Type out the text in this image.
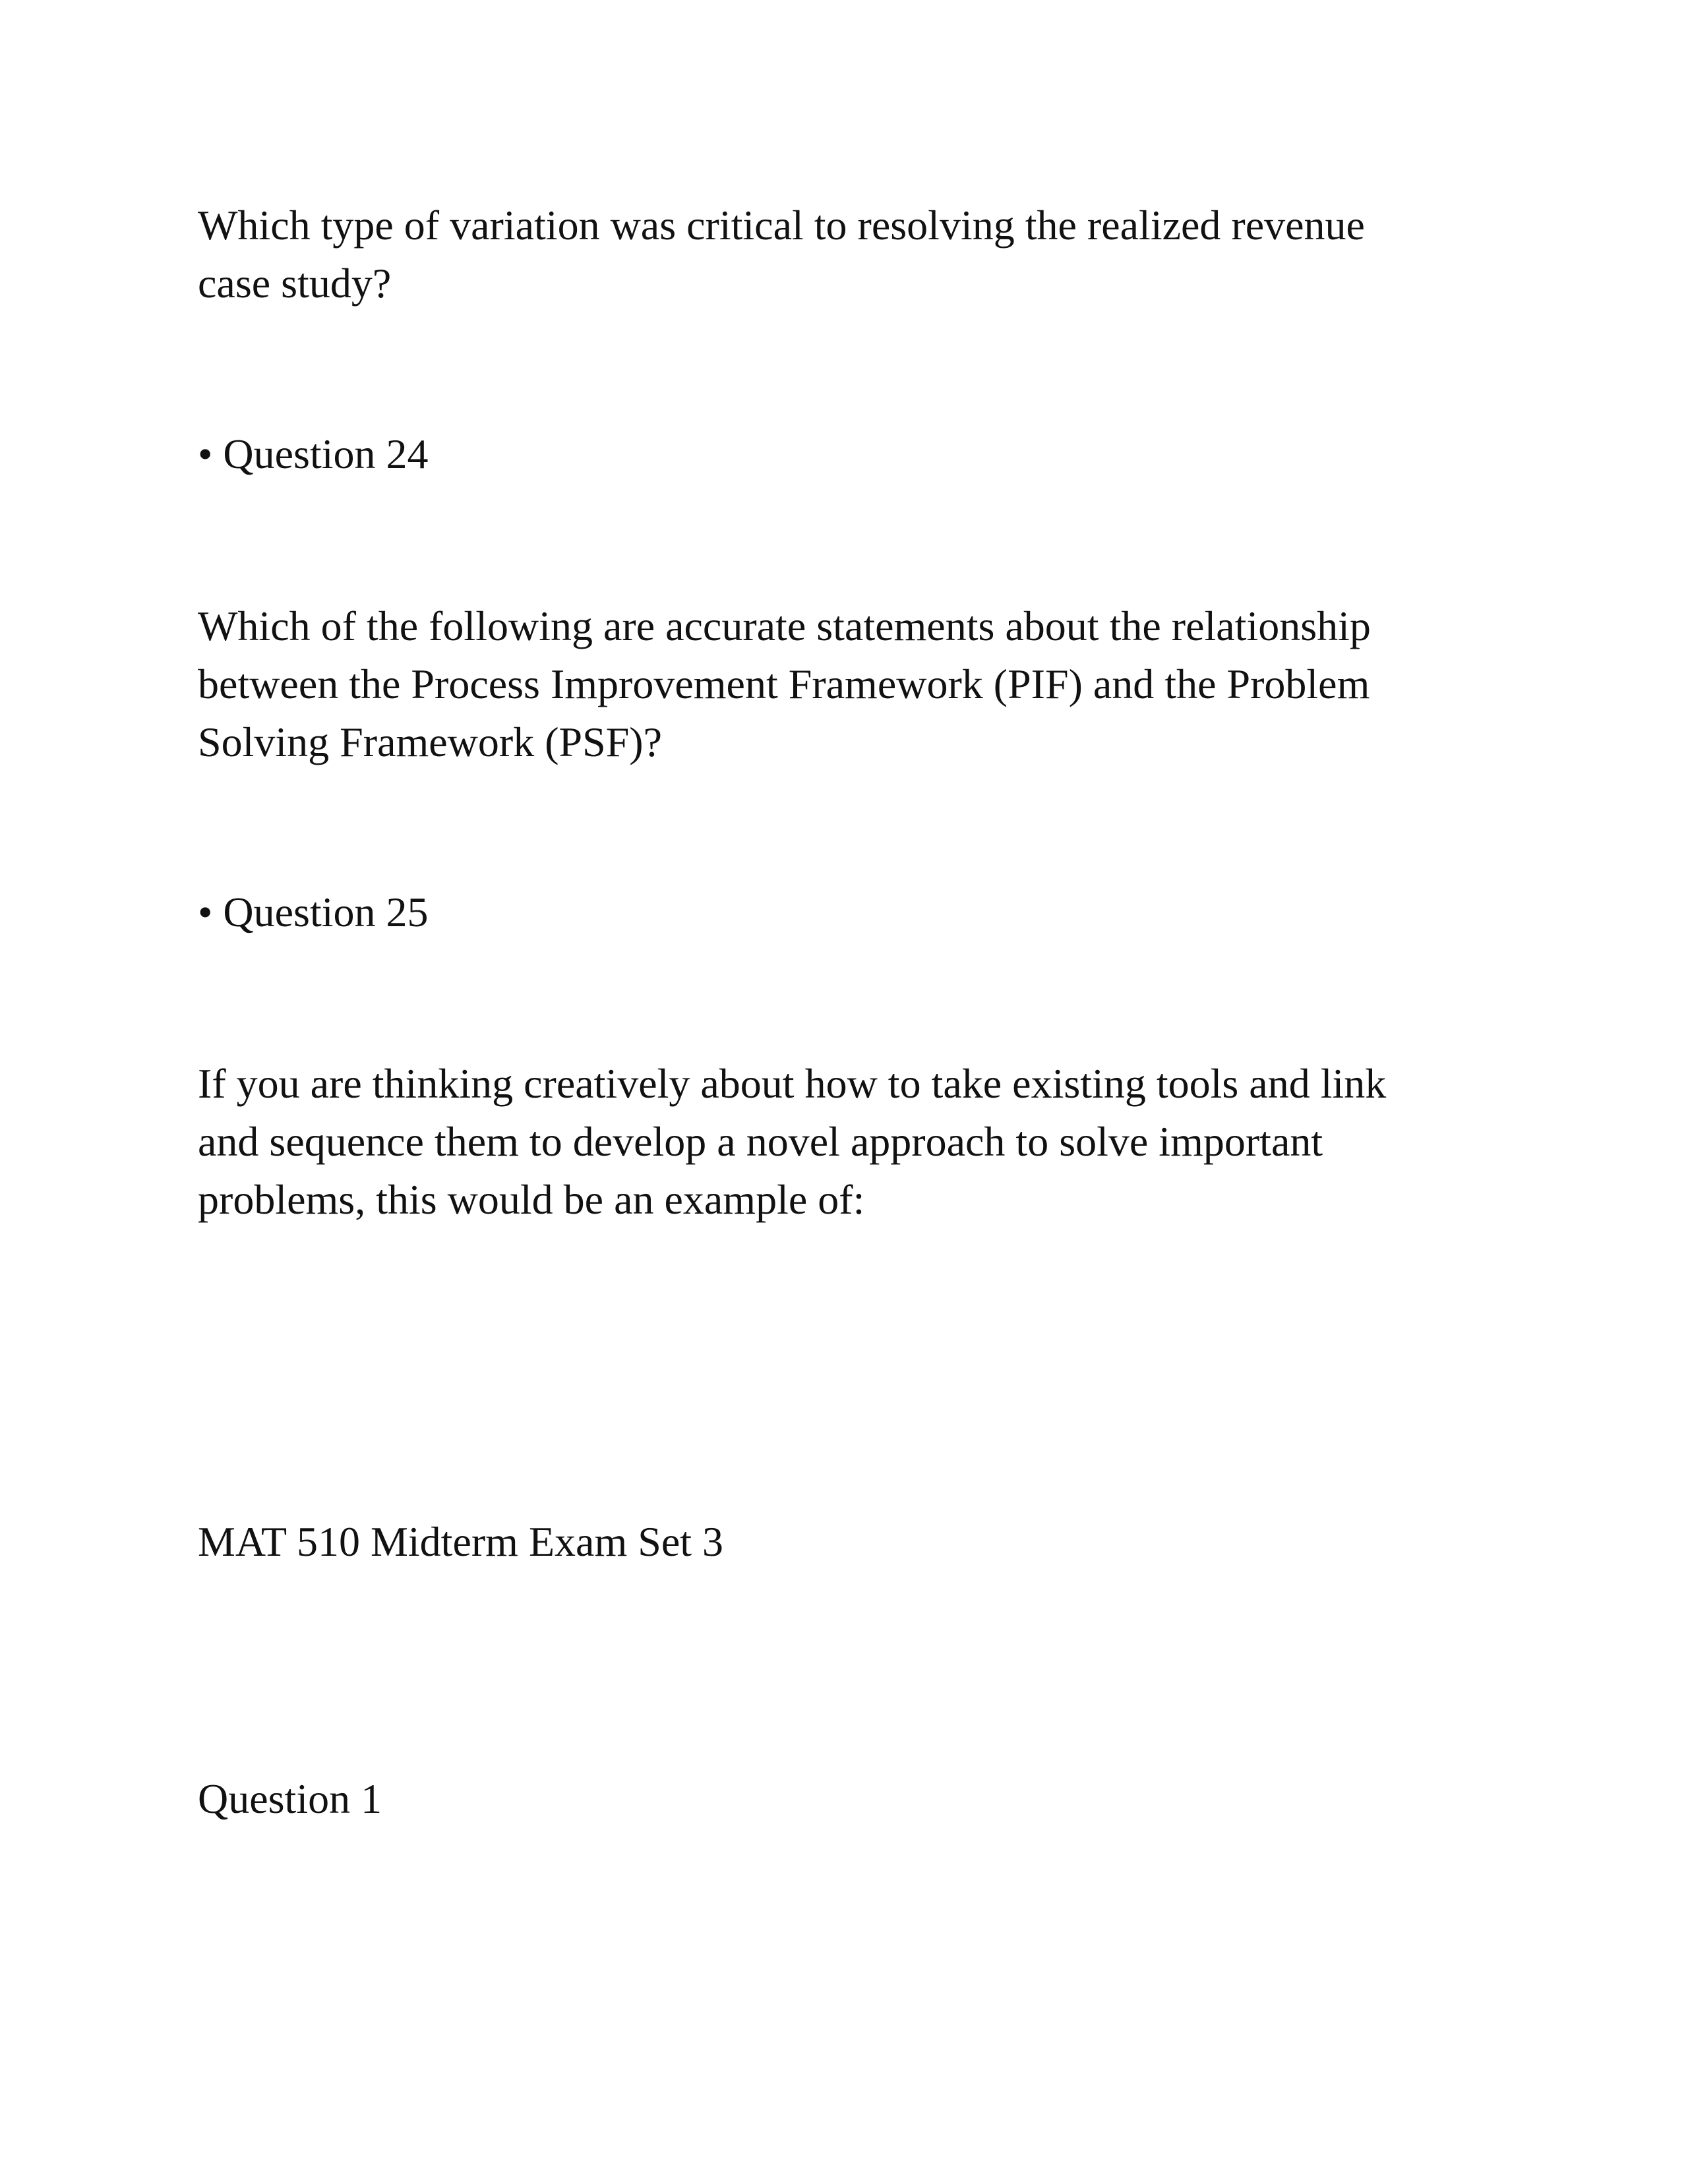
Which type of variation was critical to resolving the realized revenue
case study?

• Question 24

Which of the following are accurate statements about the relationship
between the Process Improvement Framework (PIF) and the Problem
Solving Framework (PSF)?

• Question 25

If you are thinking creatively about how to take existing tools and link
and sequence them to develop a novel approach to solve important
problems, this would be an example of:

MAT 510 Midterm Exam Set 3

Question 1
